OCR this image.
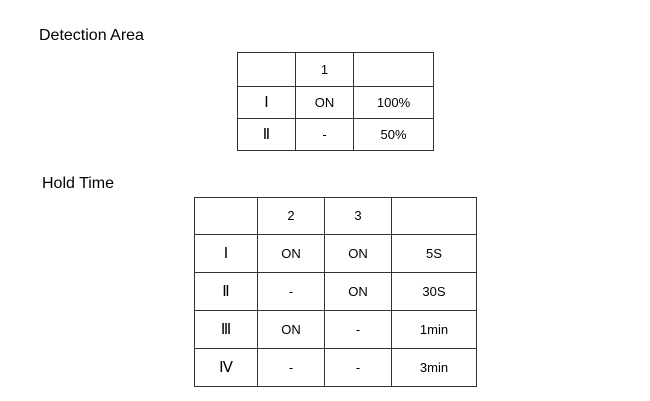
Detection Area
	1	
Ⅰ	ON	100%
Ⅱ	-	50%
Hold Time
	2	3	
Ⅰ	ON	ON	5S
Ⅱ	-	ON	30S
Ⅲ	ON	-	1min
Ⅳ	-	-	3min
